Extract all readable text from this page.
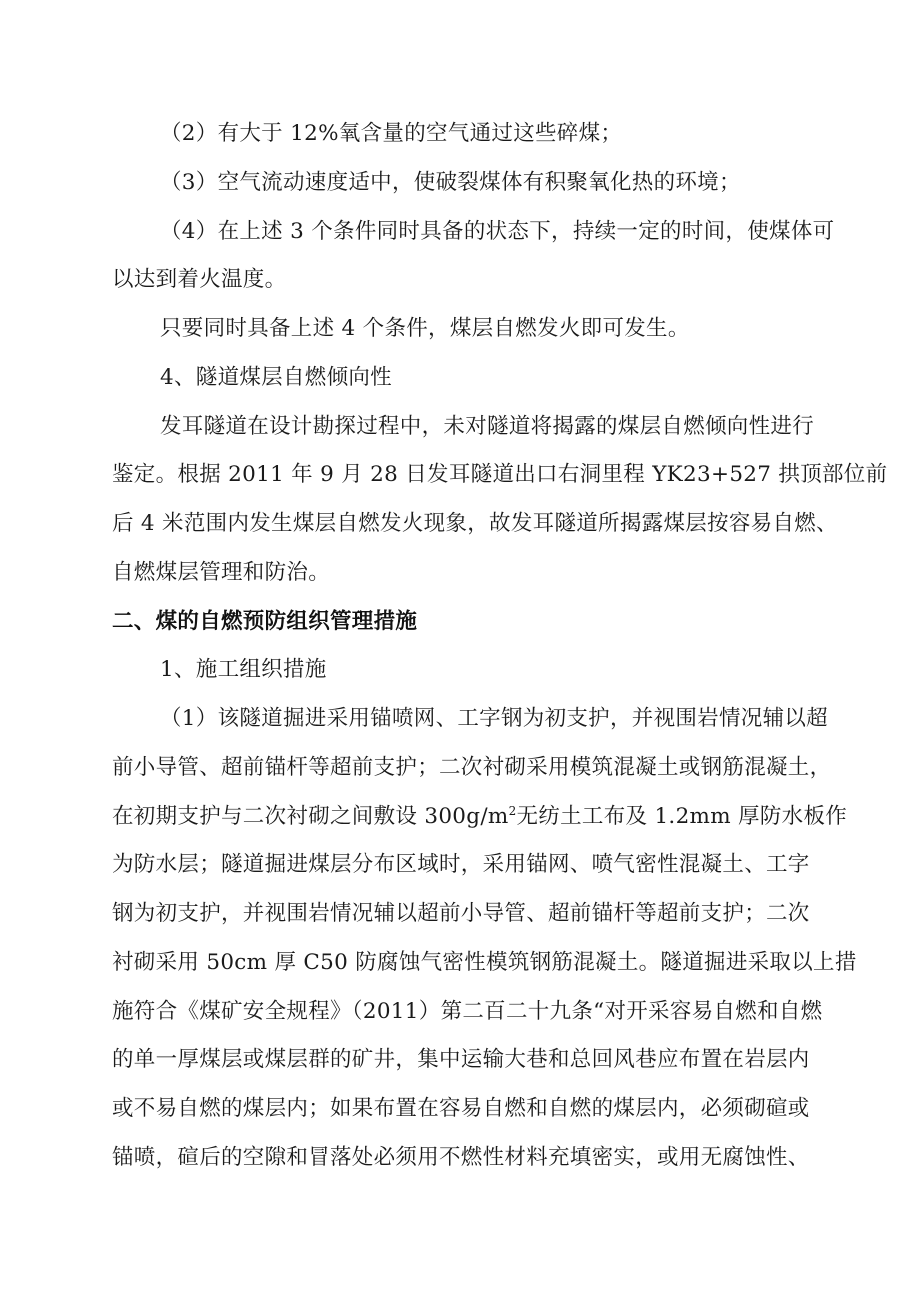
（2）有大于 12%氧含量的空气通过这些碎煤；

（3）空气流动速度适中，使破裂煤体有积聚氧化热的环境；

（4）在上述 3 个条件同时具备的状态下，持续一定的时间，使煤体可

以达到着火温度。

只要同时具备上述 4 个条件，煤层自燃发火即可发生。

4、隧道煤层自燃倾向性

发耳隧道在设计勘探过程中，未对隧道将揭露的煤层自燃倾向性进行

鉴定。根据 2011 年 9 月 28 日发耳隧道出口右洞里程 YK23+527 拱顶部位前

后 4 米范围内发生煤层自燃发火现象，故发耳隧道所揭露煤层按容易自燃、

自燃煤层管理和防治。

二、煤的自燃预防组织管理措施

1、施工组织措施

（1）该隧道掘进采用锚喷网、工字钢为初支护，并视围岩情况辅以超

前小导管、超前锚杆等超前支护；二次衬砌采用模筑混凝土或钢筋混凝土，

在初期支护与二次衬砌之间敷设 $300g/m^2$无纺土工布及 1.2mm 厚防水板作

为防水层；隧道掘进煤层分布区域时，采用锚网、喷气密性混凝土、工字

钢为初支护，并视围岩情况辅以超前小导管、超前锚杆等超前支护；二次

衬砌采用 50cm 厚 C50 防腐蚀气密性模筑钢筋混凝土。隧道掘进采取以上措

施符合《煤矿安全规程》（2011）第二百二十九条“对开采容易自燃和自燃

的单一厚煤层或煤层群的矿井，集中运输大巷和总回风巷应布置在岩层内

或不易自燃的煤层内；如果布置在容易自燃和自燃的煤层内，必须砌碹或

锚喷，碹后的空隙和冒落处必须用不燃性材料充填密实，或用无腐蚀性、
